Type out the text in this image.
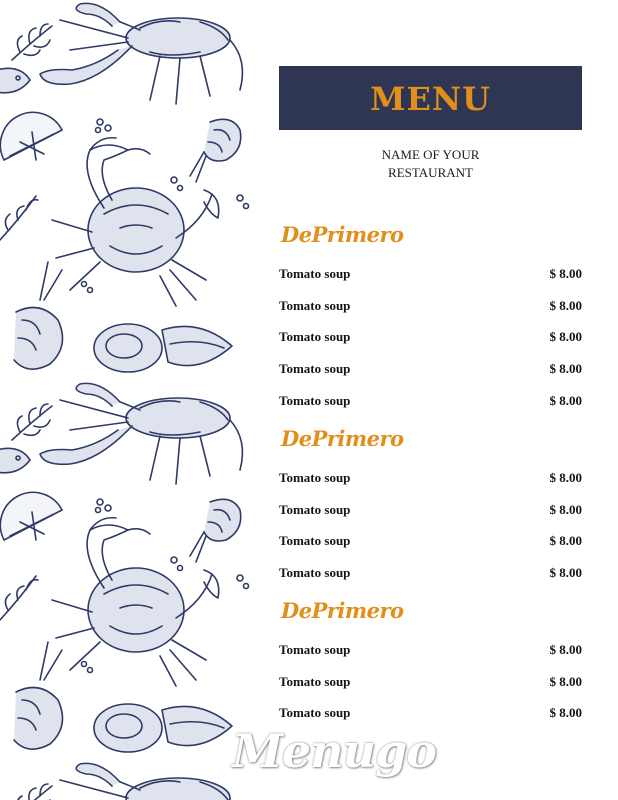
MENU
NAME OF YOUR
RESTAURANT
DePrimero
Tomato soup	$ 8.00
Tomato soup	$ 8.00
Tomato soup	$ 8.00
Tomato soup	$ 8.00
Tomato soup	$ 8.00
DePrimero
Tomato soup	$ 8.00
Tomato soup	$ 8.00
Tomato soup	$ 8.00
Tomato soup	$ 8.00
DePrimero
Tomato soup	$ 8.00
Tomato soup	$ 8.00
Tomato soup	$ 8.00
Menugo
